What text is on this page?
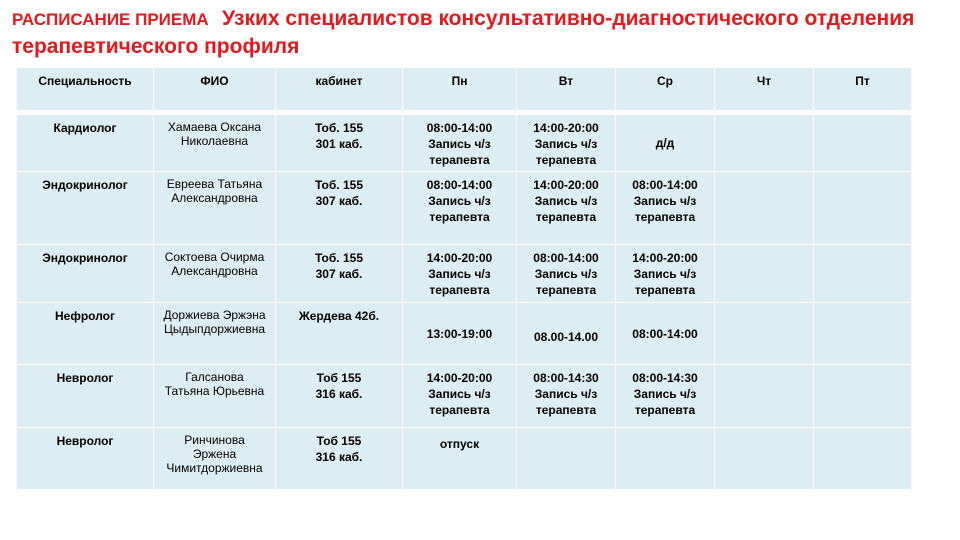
РАСПИСАНИЕ ПРИЕМА Узких специалистов консультативно-диагностического отделения терапевтического профиля
Специальность	ФИО	кабинет	Пн	Вт	Ср	Чт	Пт
Кардиолог	Хамаева Оксана
Николаевна	Тоб. 155
301 каб.	08:00-14:00
Запись ч/з
терапевта	14:00-20:00
Запись ч/з
терапевта	д/д		

Эндокринолог	Евреева Татьяна
Александровна	Тоб. 155
307 каб.	08:00-14:00
Запись ч/з
терапевта	14:00-20:00
Запись ч/з
терапевта	08:00-14:00
Запись ч/з
терапевта		

Эндокринолог	Соктоева Очирма
Александровна	Тоб. 155
307 каб.	14:00-20:00
Запись ч/з
терапевта	08:00-14:00
Запись ч/з
терапевта	14:00-20:00
Запись ч/з
терапевта		

Нефролог	Доржиева Эржэна
Цыдыпдоржиевна	Жердева 42б.	13:00-19:00	08.00-14.00	08:00-14:00		

Невролог	Галсанова
Татьяна Юрьевна	Тоб 155
316 каб.	14:00-20:00
Запись ч/з
терапевта	08:00-14:30
Запись ч/з
терапевта	08:00-14:30
Запись ч/з
терапевта		

Невролог	Ринчинова
Эржена
Чимитдоржиевна	Тоб 155
316 каб.	отпуск				
